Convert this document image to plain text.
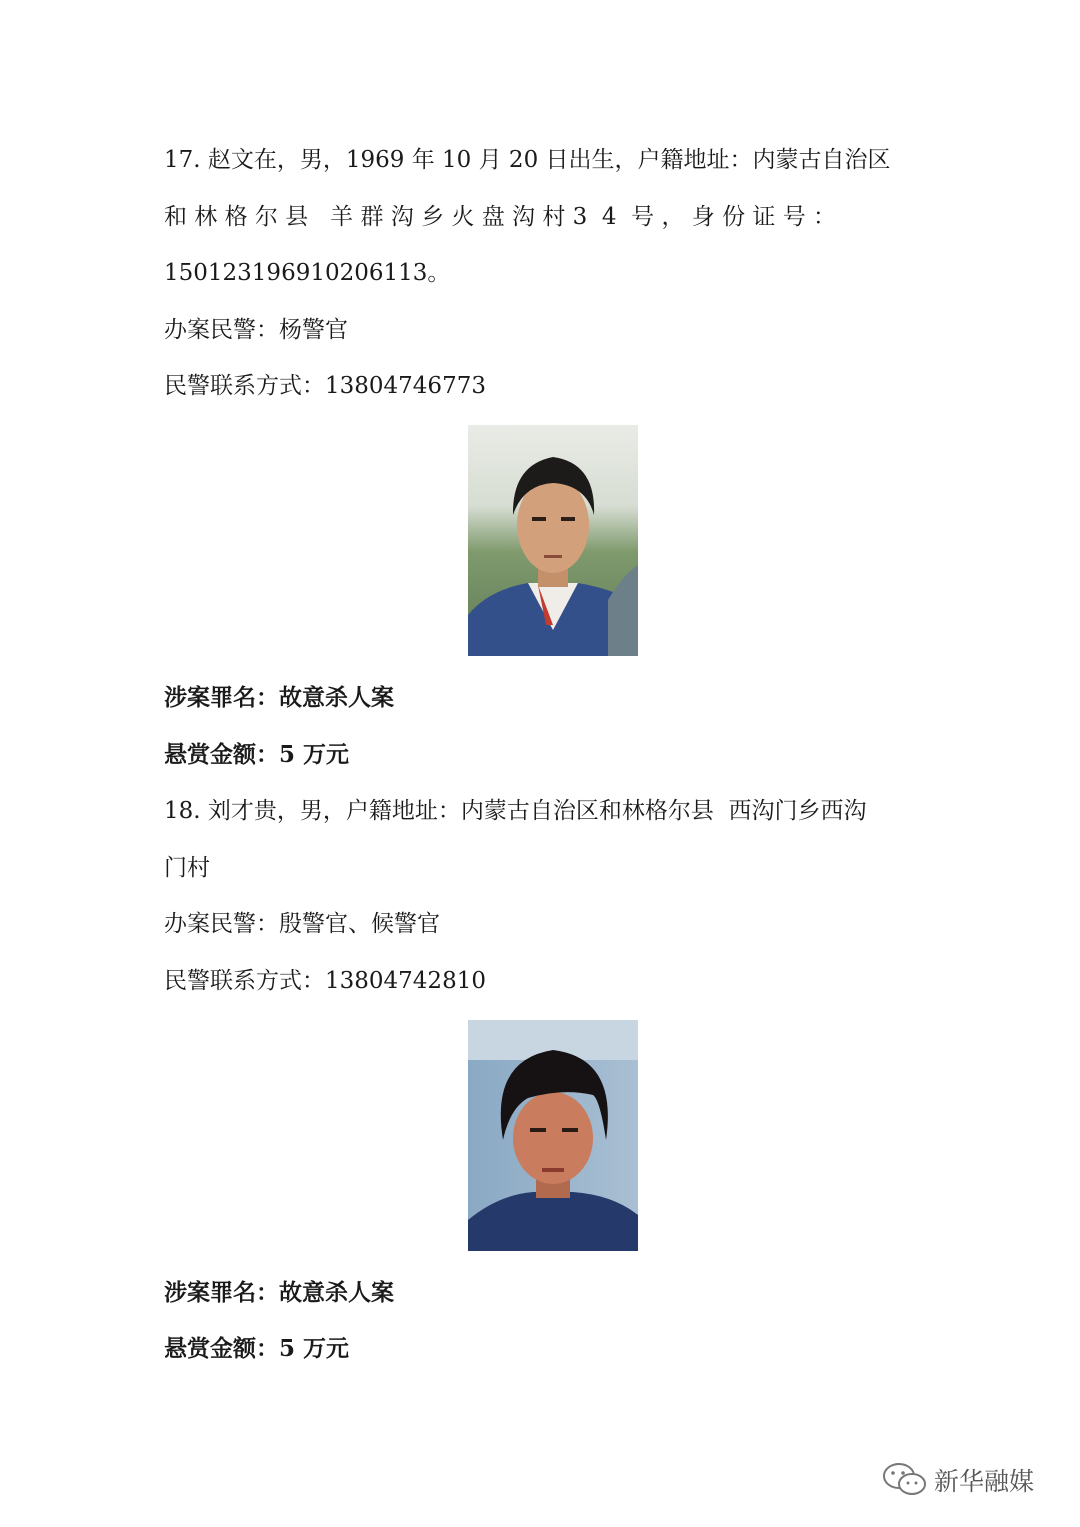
17. 赵文在，男，1969 年 10 月 20 日出生，户籍地址：内蒙古自治区
和 林 格 尔 县   羊 群 沟 乡 火 盘 沟 村 3  4  号 ， 身 份 证 号 ：
150123196910206113。
办案民警：杨警官
民警联系方式：13804746773
涉案罪名：故意杀人案
悬赏金额：5 万元
18. 刘才贵，男，户籍地址：内蒙古自治区和林格尔县  西沟门乡西沟
门村
办案民警：殷警官、候警官
民警联系方式：13804742810
涉案罪名：故意杀人案
悬赏金额：5 万元
新华融媒
